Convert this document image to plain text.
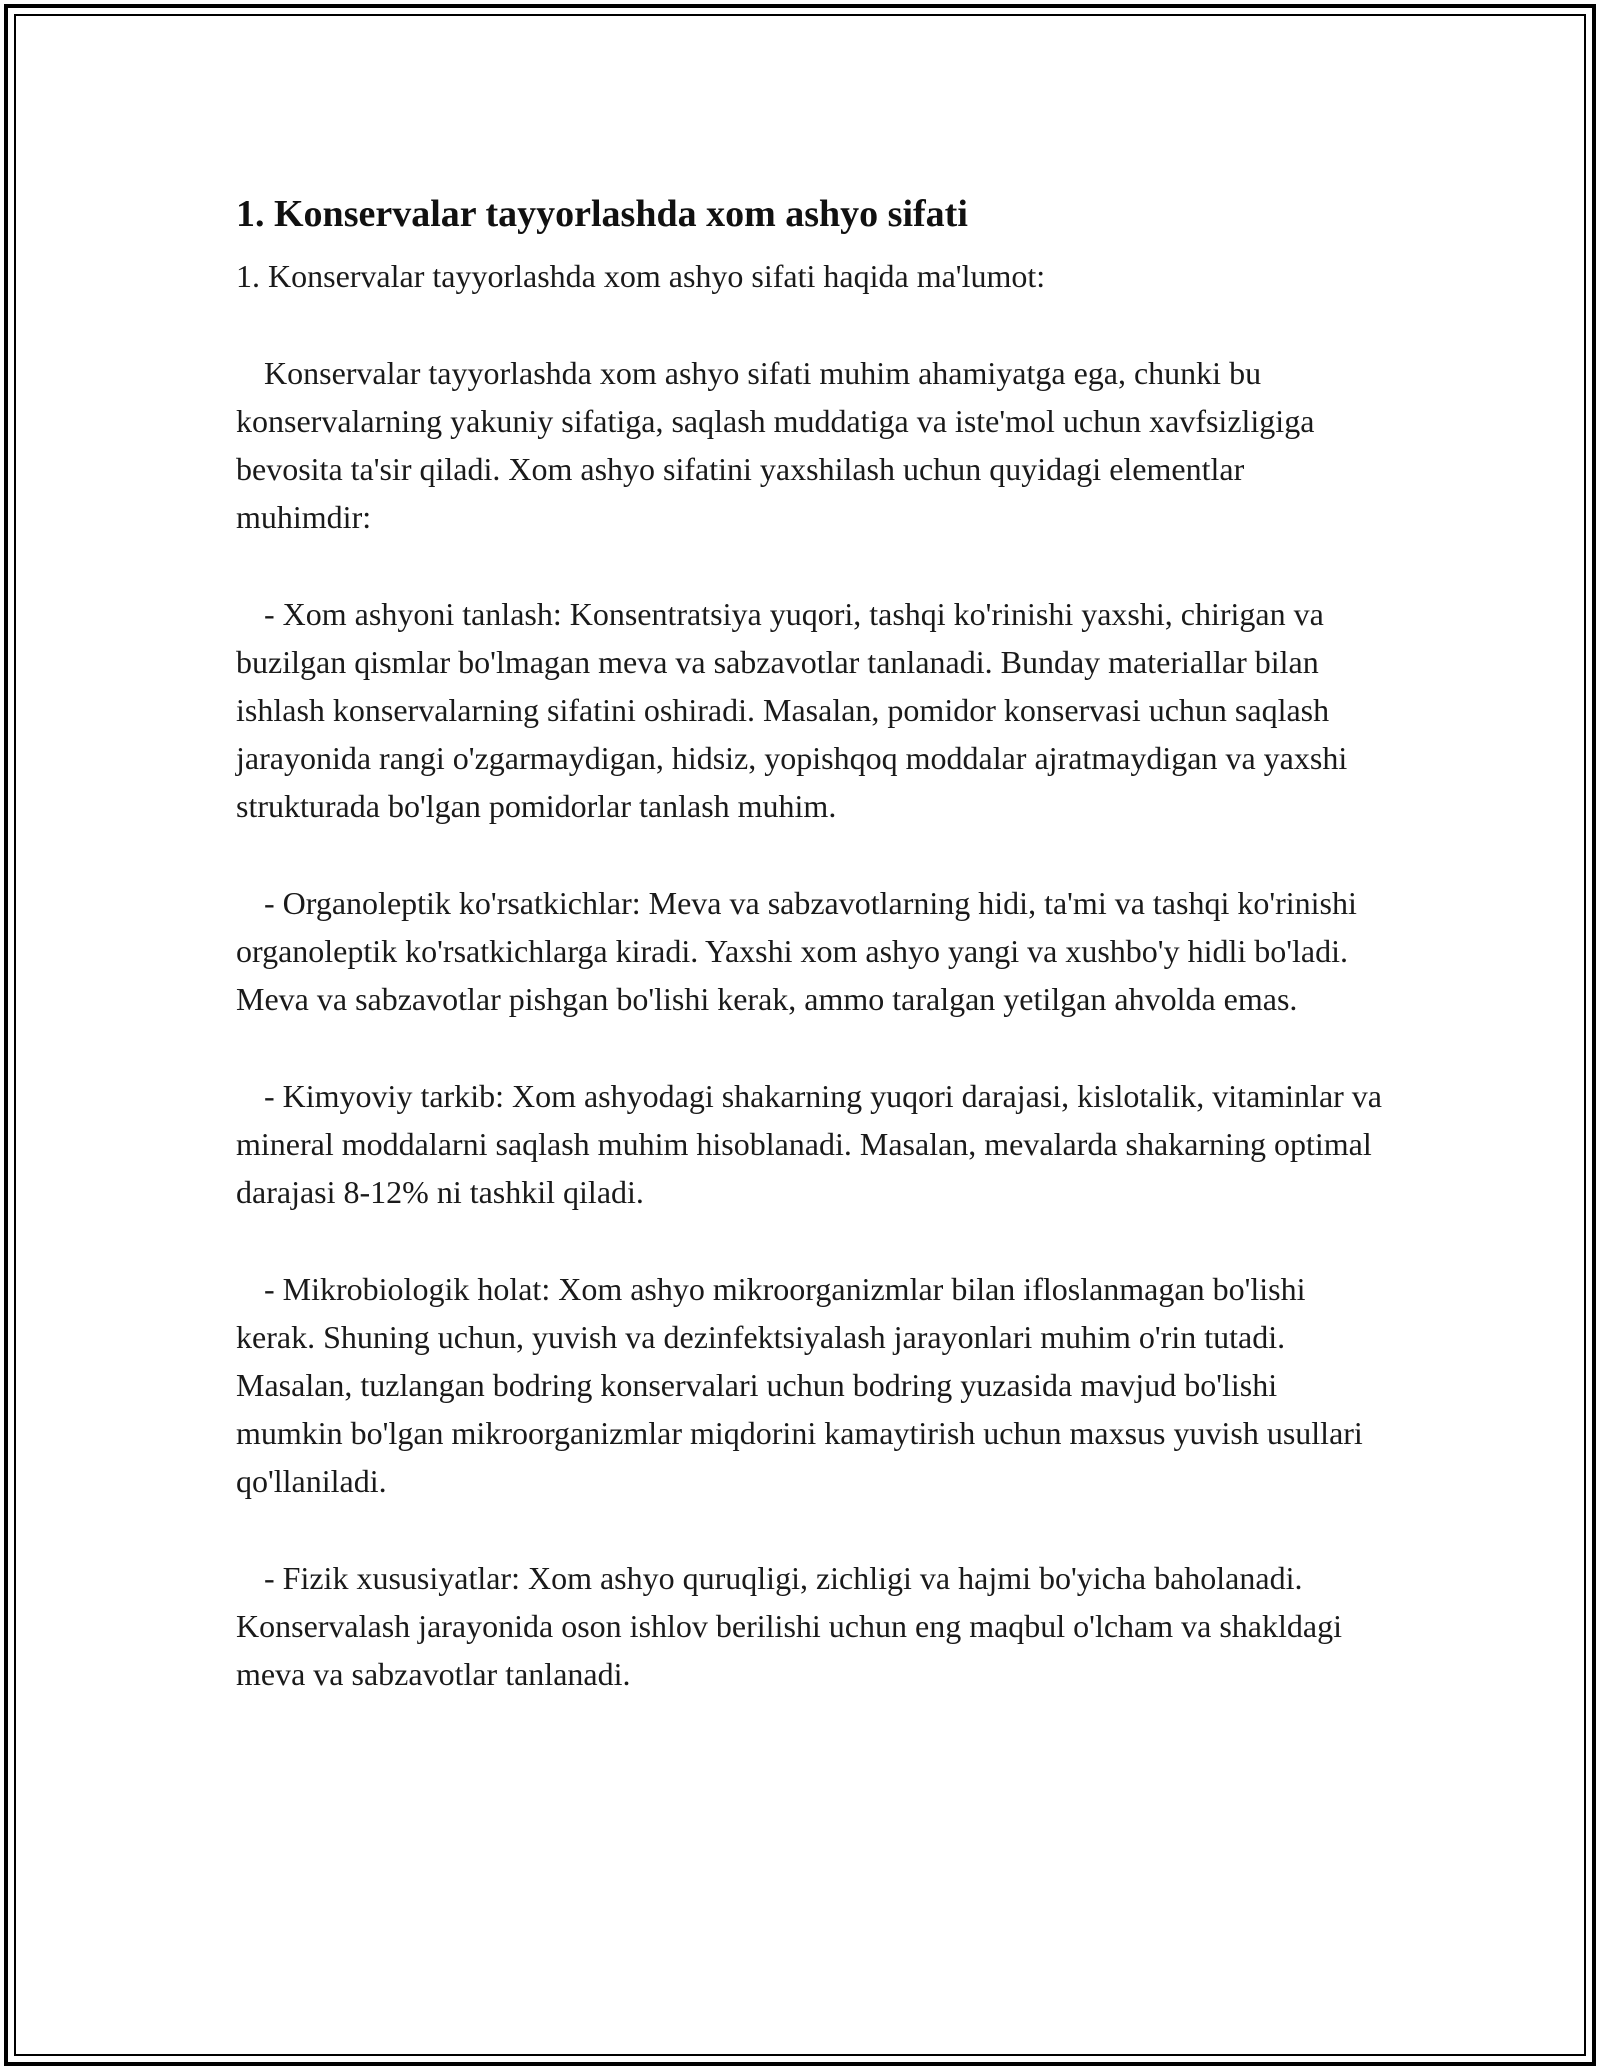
1. Konservalar tayyorlashda xom ashyo sifati

1. Konservalar tayyorlashda xom ashyo sifati haqida ma'lumot:

Konservalar tayyorlashda xom ashyo sifati muhim ahamiyatga ega, chunki bu konservalarning yakuniy sifatiga, saqlash muddatiga va iste'mol uchun xavfsizligiga bevosita ta'sir qiladi. Xom ashyo sifatini yaxshilash uchun quyidagi elementlar muhimdir:

- Xom ashyoni tanlash: Konsentratsiya yuqori, tashqi ko'rinishi yaxshi, chirigan va buzilgan qismlar bo'lmagan meva va sabzavotlar tanlanadi. Bunday materiallar bilan ishlash konservalarning sifatini oshiradi. Masalan, pomidor konservasi uchun saqlash jarayonida rangi o'zgarmaydigan, hidsiz, yopishqoq moddalar ajratmaydigan va yaxshi strukturada bo'lgan pomidorlar tanlash muhim.

- Organoleptik ko'rsatkichlar: Meva va sabzavotlarning hidi, ta'mi va tashqi ko'rinishi organoleptik ko'rsatkichlarga kiradi. Yaxshi xom ashyo yangi va xushbo'y hidli bo'ladi. Meva va sabzavotlar pishgan bo'lishi kerak, ammo taralgan yetilgan ahvolda emas.

- Kimyoviy tarkib: Xom ashyodagi shakarning yuqori darajasi, kislotalik, vitaminlar va mineral moddalarni saqlash muhim hisoblanadi. Masalan, mevalarda shakarning optimal darajasi 8-12% ni tashkil qiladi.

- Mikrobiologik holat: Xom ashyo mikroorganizmlar bilan ifloslanmagan bo'lishi kerak. Shuning uchun, yuvish va dezinfektsiyalash jarayonlari muhim o'rin tutadi. Masalan, tuzlangan bodring konservalari uchun bodring yuzasida mavjud bo'lishi mumkin bo'lgan mikroorganizmlar miqdorini kamaytirish uchun maxsus yuvish usullari qo'llaniladi.

- Fizik xususiyatlar: Xom ashyo quruqligi, zichligi va hajmi bo'yicha baholanadi. Konservalash jarayonida oson ishlov berilishi uchun eng maqbul o'lcham va shakldagi meva va sabzavotlar tanlanadi.
